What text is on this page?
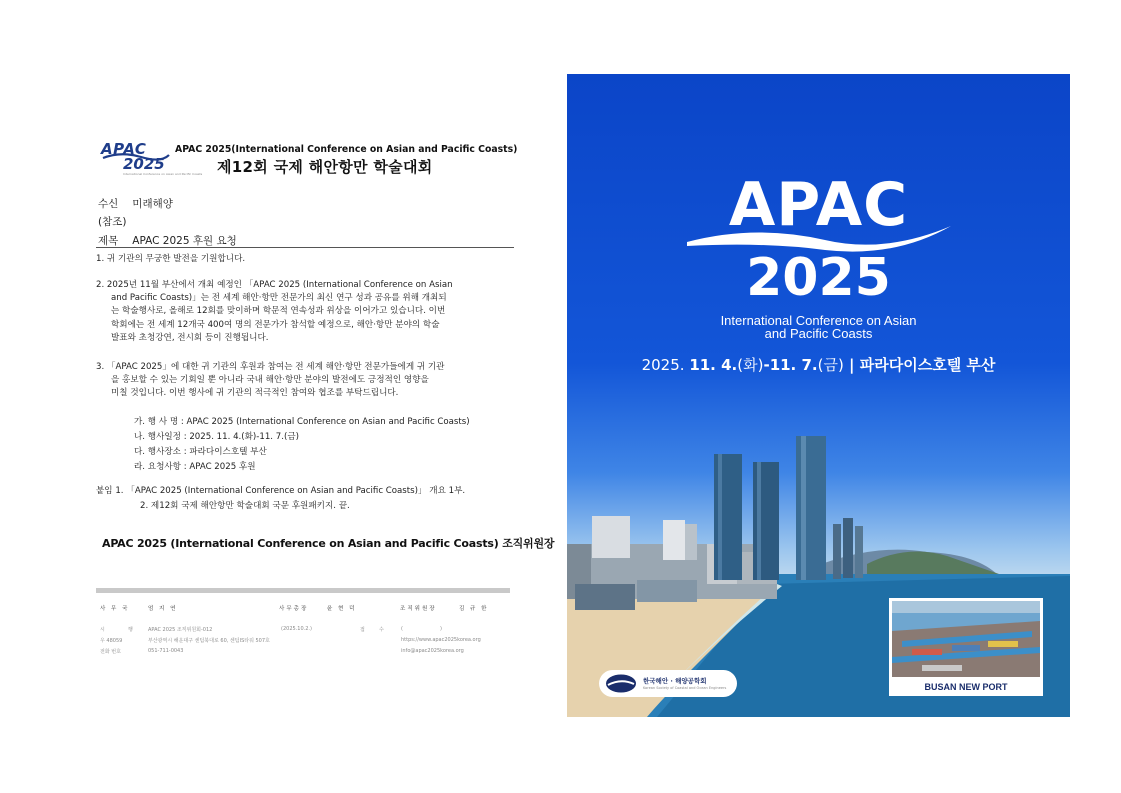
APAC
2025
International Conference on Asian and Pacific Coasts
APAC 2025(International Conference on Asian and Pacific Coasts)
제12회 국제 해안항만 학술대회
수신 미래해양
(참조)
제목 APAC 2025 후원 요청
1. 귀 기관의 무궁한 발전을 기원합니다.
2. 2025년 11월 부산에서 개최 예정인 「APAC 2025 (International Conference on Asian
and Pacific Coasts)」는 전 세계 해안·항만 전문가의 최신 연구 성과 공유를 위해 개최되
는 학술행사로, 올해로 12회를 맞이하며 학문적 연속성과 위상을 이어가고 있습니다. 이번
학회에는 전 세계 12개국 400여 명의 전문가가 참석할 예정으로, 해안·항만 분야의 학술
발표와 초청강연, 전시회 등이 진행됩니다.
3. 「APAC 2025」에 대한 귀 기관의 후원과 참여는 전 세계 해안·항만 전문가들에게 귀 기관
을 홍보할 수 있는 기회일 뿐 아니라 국내 해안·항만 분야의 발전에도 긍정적인 영향을
미칠 것입니다. 이번 행사에 귀 기관의 적극적인 참여와 협조를 부탁드립니다.
가. 행 사 명 : APAC 2025 (International Conference on Asian and Pacific Coasts)
나. 행사일정 : 2025. 11. 4.(화)-11. 7.(금)
다. 행사장소 : 파라다이스호텔 부산
라. 요청사항 : APAC 2025 후원
붙임 1. 「APAC 2025 (International Conference on Asian and Pacific Coasts)」 개요 1부.
2. 제12회 국제 해안항만 학술대회 국문 후원패키지. 끝.
APAC 2025 (International Conference on Asian and Pacific Coasts) 조직위원장
사 무 국	엄 지 연	사무총장	윤 현 덕	조직위원장	김 규 한
시	행	APAC 2025 조직위원회-012	(2025.10.2.)	접	수	(	)
우 48059	부산광역시 해운대구 센텀북대로 60, 센텀IS타워 507호	https://www.apac2025korea.org
전화 번호	051-711-0043	info@apac2025korea.org
APAC
2025
International Conference on Asian
and Pacific Coasts
2025. 11. 4.(화)-11. 7.(금) | 파라다이스호텔 부산
BUSAN NEW PORT
한국해안 · 해양공학회
Korean Society of Coastal and Ocean Engineers
